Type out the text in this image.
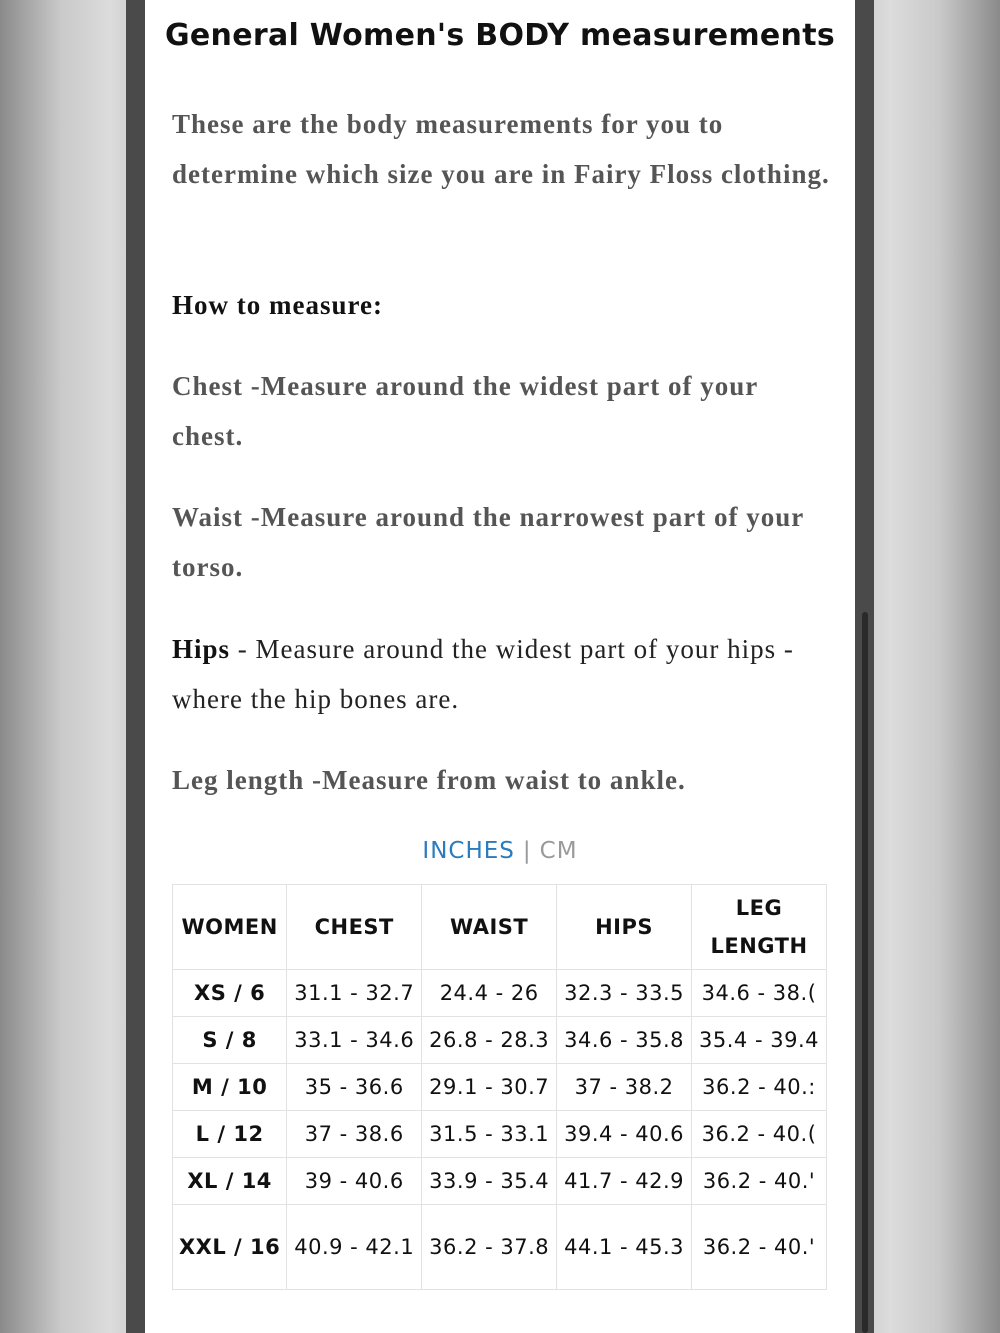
General Women's BODY measurements
These are the body measurements for you to determine which size you are in Fairy Floss clothing.
How to measure:
Chest -Measure around the widest part of your chest.
Waist -Measure around the narrowest part of your torso.
Hips - Measure around the widest part of your hips -where the hip bones are.
Leg length -Measure from waist to ankle.
INCHES | CM
WOMEN	CHEST	WAIST	HIPS	LEG LENGTH
XS / 6	31.1 - 32.7	24.4 - 26	32.3 - 33.5	34.6 - 38.(
S / 8	33.1 - 34.6	26.8 - 28.3	34.6 - 35.8	35.4 - 39.4
M / 10	35 - 36.6	29.1 - 30.7	37 - 38.2	36.2 - 40.:
L / 12	37 - 38.6	31.5 - 33.1	39.4 - 40.6	36.2 - 40.(
XL / 14	39 - 40.6	33.9 - 35.4	41.7 - 42.9	36.2 - 40.'
XXL / 16	40.9 - 42.1	36.2 - 37.8	44.1 - 45.3	36.2 - 40.'
